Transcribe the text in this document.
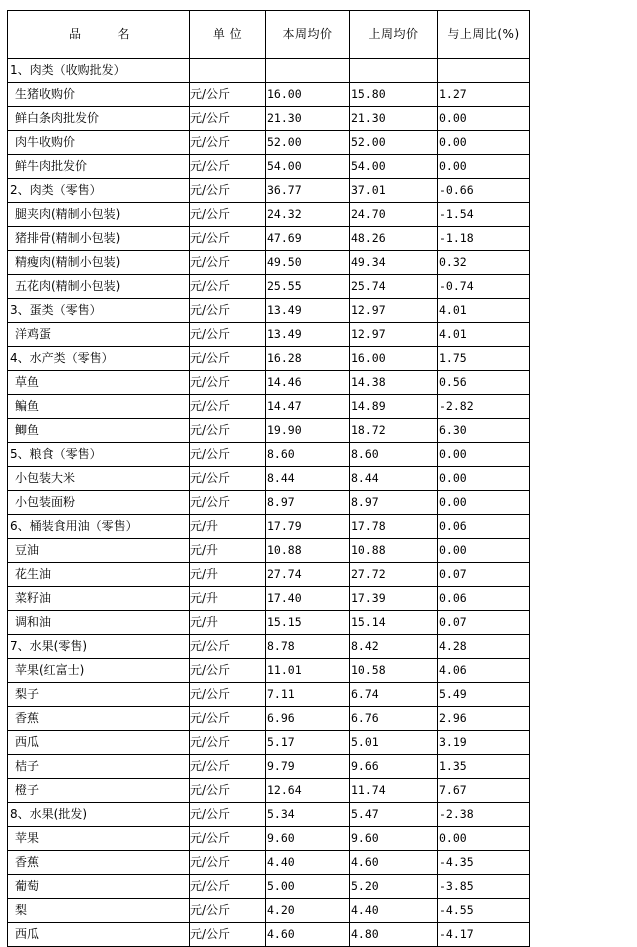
品 名	单 位	本周均价	上周均价	与上周比(%)
1、肉类（收购批发）				
生猪收购价	元/公斤	16.00	15.80	1.27
鲜白条肉批发价	元/公斤	21.30	21.30	0.00
肉牛收购价	元/公斤	52.00	52.00	0.00
鲜牛肉批发价	元/公斤	54.00	54.00	0.00
2、肉类（零售）	元/公斤	36.77	37.01	-0.66
腿夹肉(精制小包装)	元/公斤	24.32	24.70	-1.54
猪排骨(精制小包装)	元/公斤	47.69	48.26	-1.18
精瘦肉(精制小包装)	元/公斤	49.50	49.34	0.32
五花肉(精制小包装)	元/公斤	25.55	25.74	-0.74
3、蛋类（零售）	元/公斤	13.49	12.97	4.01
洋鸡蛋	元/公斤	13.49	12.97	4.01
4、水产类（零售）	元/公斤	16.28	16.00	1.75
草鱼	元/公斤	14.46	14.38	0.56
鳊鱼	元/公斤	14.47	14.89	-2.82
鲫鱼	元/公斤	19.90	18.72	6.30
5、粮食（零售）	元/公斤	8.60	8.60	0.00
小包装大米	元/公斤	8.44	8.44	0.00
小包装面粉	元/公斤	8.97	8.97	0.00
6、桶装食用油（零售）	元/升	17.79	17.78	0.06
豆油	元/升	10.88	10.88	0.00
花生油	元/升	27.74	27.72	0.07
菜籽油	元/升	17.40	17.39	0.06
调和油	元/升	15.15	15.14	0.07
7、水果(零售)	元/公斤	8.78	8.42	4.28
苹果(红富士)	元/公斤	11.01	10.58	4.06
梨子	元/公斤	7.11	6.74	5.49
香蕉	元/公斤	6.96	6.76	2.96
西瓜	元/公斤	5.17	5.01	3.19
桔子	元/公斤	9.79	9.66	1.35
橙子	元/公斤	12.64	11.74	7.67
8、水果(批发)	元/公斤	5.34	5.47	-2.38
苹果	元/公斤	9.60	9.60	0.00
香蕉	元/公斤	4.40	4.60	-4.35
葡萄	元/公斤	5.00	5.20	-3.85
梨	元/公斤	4.20	4.40	-4.55
西瓜	元/公斤	4.60	4.80	-4.17
